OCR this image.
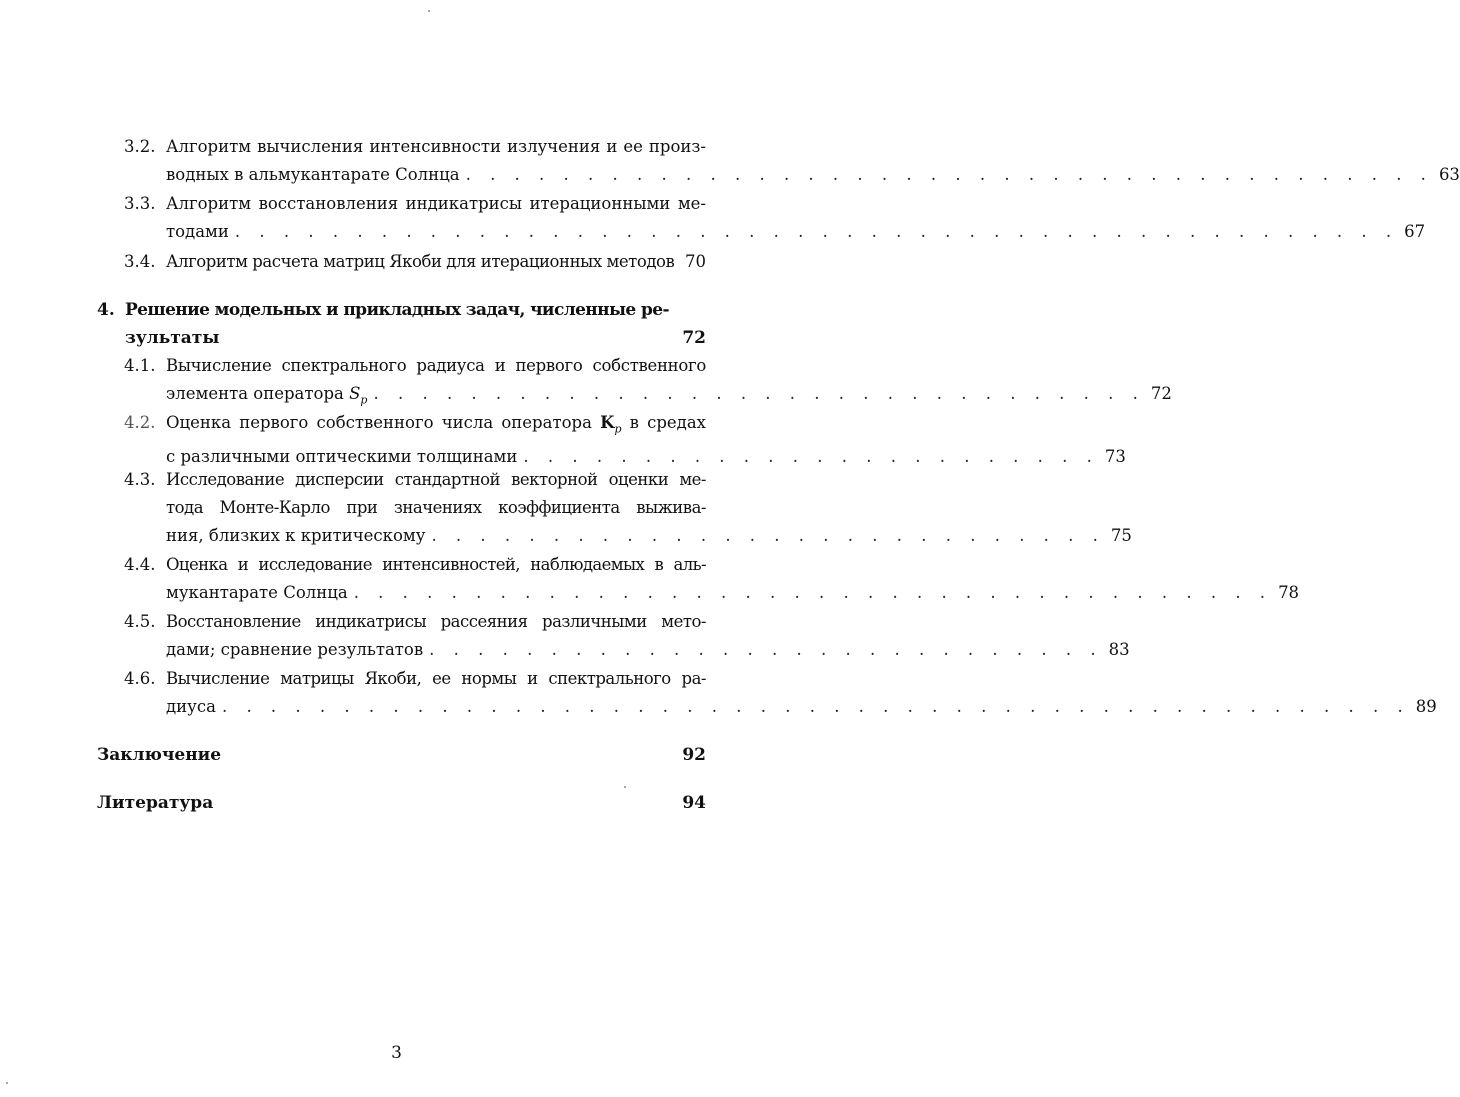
3.2. Алгоритм вычисления интенсивности излучения и ее произ-
водных в альмукантарате Солнца . . . . . . . . . . . . . . . . . . . . . . . . . . . . . . . . . . . . . . . . 63
3.3. Алгоритм восстановления индикатрисы итерационными ме-
тодами . . . . . . . . . . . . . . . . . . . . . . . . . . . . . . . . . . . . . . . . . . . . . . . . 67
3.4. Алгоритм расчета матриц Якоби для итерационных методов 70
4. Решение модельных и прикладных задач, численные ре-
зультаты	72
4.1. Вычисление спектрального радиуса и первого собственного
элемента оператора $S_p$ . . . . . . . . . . . . . . . . . . . . . . . . . . . . . . . . 72
4.2. Оценка первого собственного числа оператора $K_p$ в средах
с различными оптическими толщинами . . . . . . . . . . . . . . . . . . . . . . . . 73
4.3. Исследование дисперсии стандартной векторной оценки ме-
тода Монте-Карло при значениях коэффициента выжива-
ния, близких к критическому . . . . . . . . . . . . . . . . . . . . . . . . . . . . 75
4.4. Оценка и исследование интенсивностей, наблюдаемых в аль-
мукантарате Солнца . . . . . . . . . . . . . . . . . . . . . . . . . . . . . . . . . . . . . . 78
4.5. Восстановление индикатрисы рассеяния различными мето-
дами; сравнение результатов . . . . . . . . . . . . . . . . . . . . . . . . . . . . 83
4.6. Вычисление матрицы Якоби, ее нормы и спектрального ра-
диуса . . . . . . . . . . . . . . . . . . . . . . . . . . . . . . . . . . . . . . . . . . . . . . . . . 89
Заключение	92
Литература	94
3
